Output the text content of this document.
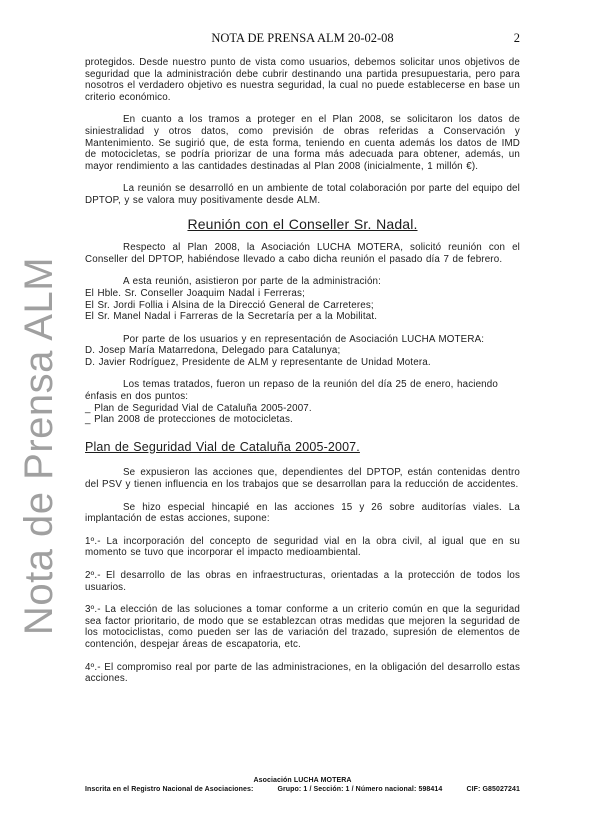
NOTA DE PRENSA ALM 20-02-08	2
Nota de Prensa ALM

protegidos. Desde nuestro punto de vista como usuarios, debemos solicitar unos objetivos de seguridad que la administración debe cubrir destinando una partida presupuestaria, pero para nosotros el verdadero objetivo es nuestra seguridad, la cual no puede establecerse en base un criterio económico.

En cuanto a los tramos a proteger en el Plan 2008, se solicitaron los datos de siniestralidad y otros datos, como previsión de obras referidas a Conservación y Mantenimiento. Se sugirió que, de esta forma, teniendo en cuenta además los datos de IMD de motocicletas, se podría priorizar de una forma más adecuada para obtener, además, un mayor rendimiento a las cantidades destinadas al Plan 2008 (inicialmente, 1 millón €).

La reunión se desarrolló en un ambiente de total colaboración por parte del equipo del DPTOP, y se valora muy positivamente desde ALM.

Reunión con el Conseller Sr. Nadal.

Respecto al Plan 2008, la Asociación LUCHA MOTERA, solicitó reunión con el Conseller del DPTOP, habiéndose llevado a cabo dicha reunión el pasado día 7 de febrero.

A esta reunión, asistieron por parte de la administración:

El Hble. Sr. Conseller Joaquim Nadal i Ferreras;

El Sr. Jordi Follia i Alsina de la Direcció General de Carreteres;

El Sr. Manel Nadal i Farreras de la Secretaría per a la Mobilitat.

Por parte de los usuarios y en representación de Asociación LUCHA MOTERA:

D. Josep María Matarredona, Delegado para Catalunya;

D. Javier Rodríguez, Presidente de ALM y representante de Unidad Motera.

Los temas tratados, fueron un repaso de la reunión del día 25 de enero, haciendo énfasis en dos puntos:

_ Plan de Seguridad Vial de Cataluña 2005-2007.

_ Plan 2008 de protecciones de motocicletas.

Plan de Seguridad Vial de Cataluña 2005-2007.

Se expusieron las acciones que, dependientes del DPTOP, están contenidas dentro del PSV y tienen influencia en los trabajos que se desarrollan para la reducción de accidentes.

Se hizo especial hincapié en las acciones 15 y 26 sobre auditorías viales. La implantación de estas acciones, supone:

1º.- La incorporación del concepto de seguridad vial en la obra civil, al igual que en su momento se tuvo que incorporar el impacto medioambiental.

2º.- El desarrollo de las obras en infraestructuras, orientadas a la protección de todos los usuarios.

3º.- La elección de las soluciones a tomar conforme a un criterio común en que la seguridad sea factor prioritario, de modo que se establezcan otras medidas que mejoren la seguridad de los motociclistas, como pueden ser las de variación del trazado, supresión de elementos de contención, despejar áreas de escapatoria, etc.

4º.- El compromiso real por parte de las administraciones, en la obligación del desarrollo estas acciones.

Asociación LUCHA MOTERA
Inscrita en el Registro Nacional de Asociaciones:	Grupo: 1 / Sección: 1 / Número nacional: 598414	CIF: G85027241
